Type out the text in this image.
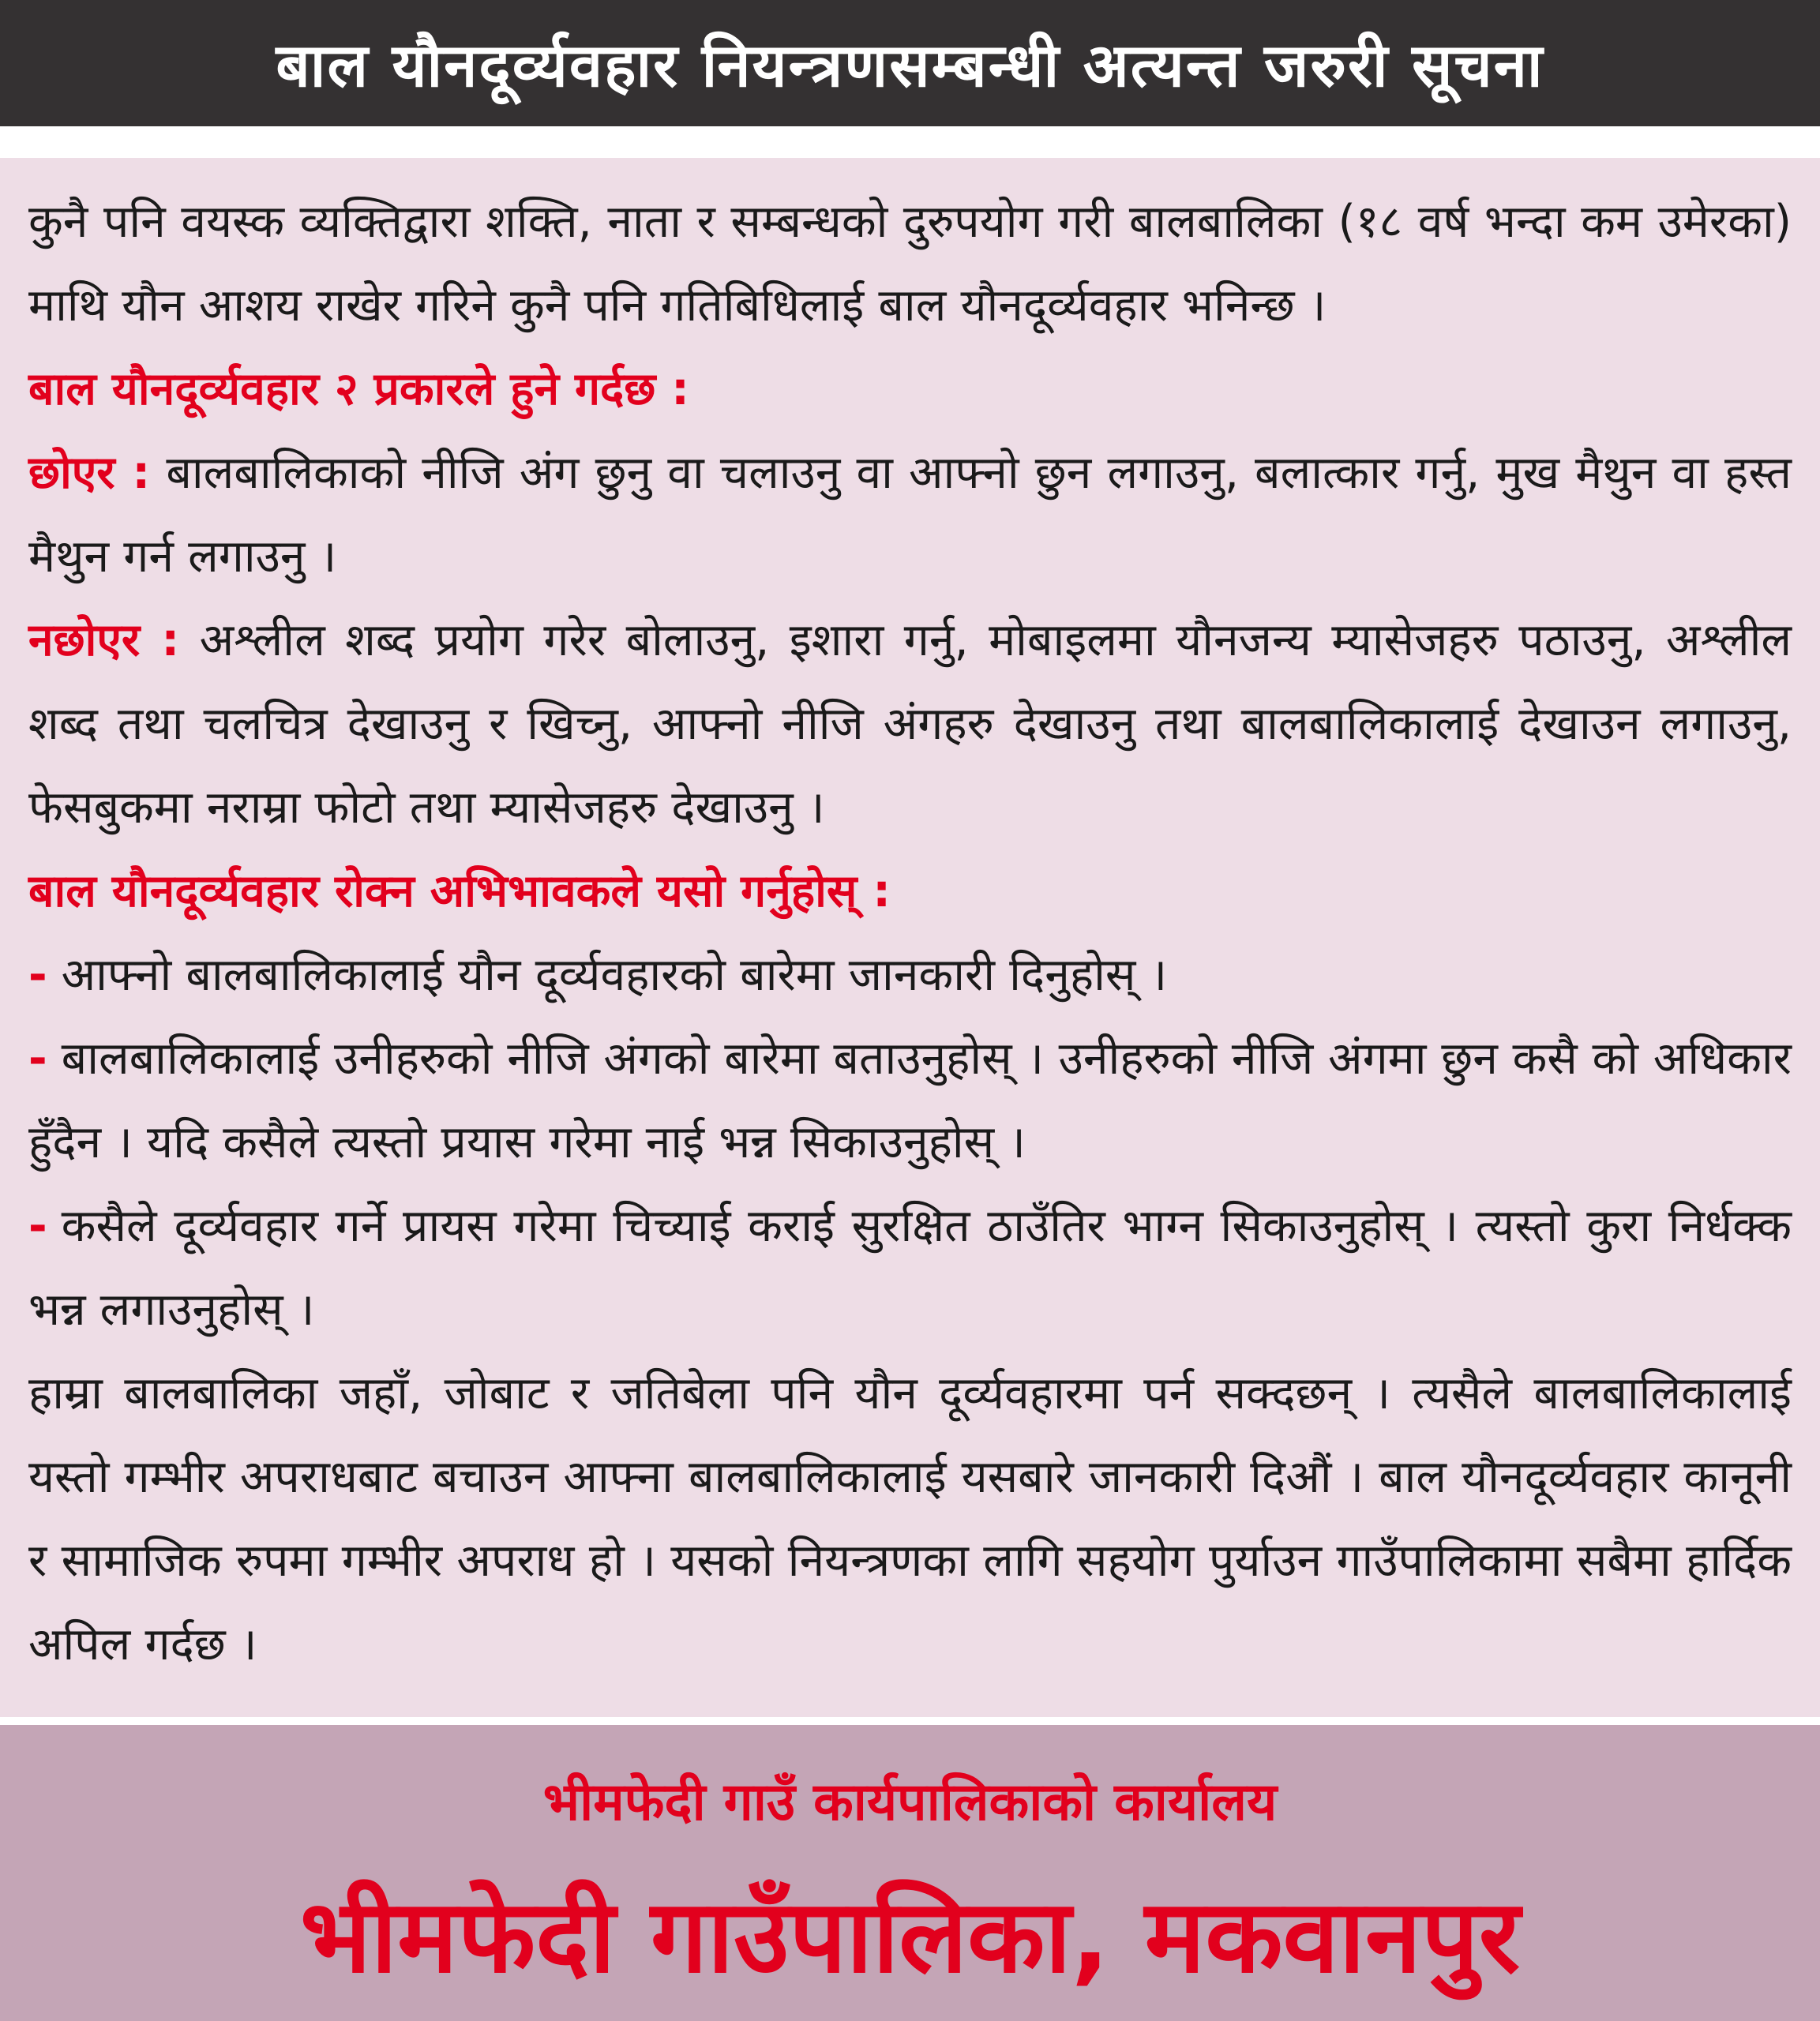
बाल यौनदूर्व्यवहार नियन्त्रणसम्बन्धी अत्यन्त जरुरी सूचना

कुनै पनि वयस्क व्यक्तिद्वारा शक्ति, नाता र सम्बन्धको दुरुपयोग गरी बालबालिका (१८ वर्ष भन्दा कम उमेरका) माथि यौन आशय राखेर गरिने कुनै पनि गतिबिधिलाई बाल यौनदूर्व्यवहार भनिन्छ ।

बाल यौनदूर्व्यवहार २ प्रकारले हुने गर्दछ :

छोएर : बालबालिकाको नीजि अंग छुनु वा चलाउनु वा आफ्नो छुन लगाउनु, बलात्कार गर्नु, मुख मैथुन वा हस्त मैथुन गर्न लगाउनु ।

नछोएर : अश्लील शब्द प्रयोग गरेर बोलाउनु, इशारा गर्नु, मोबाइलमा यौनजन्य म्यासेजहरु पठाउनु, अश्लील शब्द तथा चलचित्र देखाउनु र खिच्नु, आफ्नो नीजि अंगहरु देखाउनु तथा बालबालिकालाई देखाउन लगाउनु, फेसबुकमा नराम्रा फोटो तथा म्यासेजहरु देखाउनु ।

बाल यौनदूर्व्यवहार रोक्न अभिभावकले यसो गर्नुहोस् :

- आफ्नो बालबालिकालाई यौन दूर्व्यवहारको बारेमा जानकारी दिनुहोस् ।

- बालबालिकालाई उनीहरुको नीजि अंगको बारेमा बताउनुहोस् । उनीहरुको नीजि अंगमा छुन कसै को अधिकार हुँदैन । यदि कसैले त्यस्तो प्रयास गरेमा नाई भन्न सिकाउनुहोस् ।

- कसैले दूर्व्यवहार गर्ने प्रायस गरेमा चिच्याई कराई सुरक्षित ठाउँतिर भाग्न सिकाउनुहोस् । त्यस्तो कुरा निर्धक्क भन्न लगाउनुहोस् ।

हाम्रा बालबालिका जहाँ, जोबाट र जतिबेला पनि यौन दूर्व्यवहारमा पर्न सक्दछन् । त्यसैले बालबालिकालाई यस्तो गम्भीर अपराधबाट बचाउन आफ्ना बालबालिकालाई यसबारे जानकारी दिऔं । बाल यौनदूर्व्यवहार कानूनी र सामाजिक रुपमा गम्भीर अपराध हो । यसको नियन्त्रणका लागि सहयोग पुर्याउन गाउँपालिकामा सबैमा हार्दिक अपिल गर्दछ ।

भीमफेदी गाउँ कार्यपालिकाको कार्यालय
भीमफेदी गाउँपालिका, मकवानपुर
